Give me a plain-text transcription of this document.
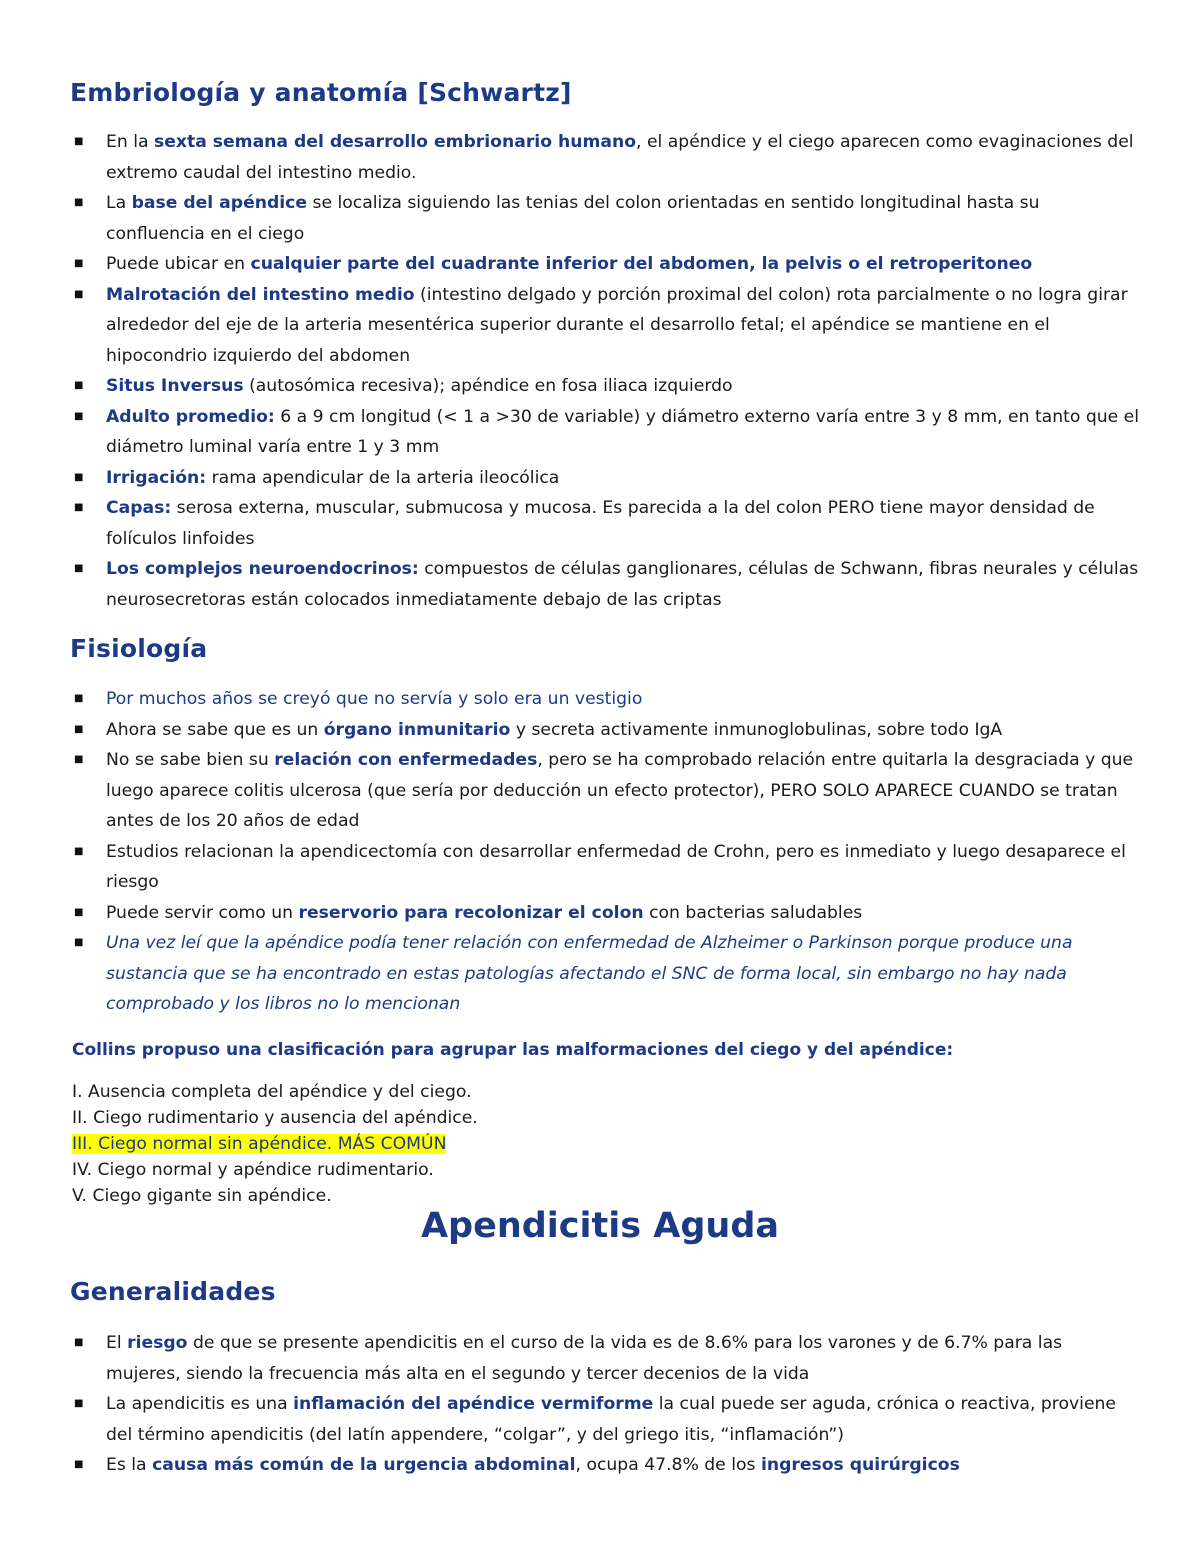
Embriología y anatomía [Schwartz]
■ En la sexta semana del desarrollo embrionario humano, el apéndice y el ciego aparecen como evaginaciones del extremo caudal del intestino medio.
■ La base del apéndice se localiza siguiendo las tenias del colon orientadas en sentido longitudinal hasta su confluencia en el ciego
■ Puede ubicar en cualquier parte del cuadrante inferior del abdomen, la pelvis o el retroperitoneo
■ Malrotación del intestino medio (intestino delgado y porción proximal del colon) rota parcialmente o no logra girar alrededor del eje de la arteria mesentérica superior durante el desarrollo fetal; el apéndice se mantiene en el hipocondrio izquierdo del abdomen
■ Situs Inversus (autosómica recesiva); apéndice en fosa iliaca izquierdo
■ Adulto promedio: 6 a 9 cm longitud (< 1 a >30 de variable) y diámetro externo varía entre 3 y 8 mm, en tanto que el diámetro luminal varía entre 1 y 3 mm
■ Irrigación: rama apendicular de la arteria ileocólica
■ Capas: serosa externa, muscular, submucosa y mucosa. Es parecida a la del colon PERO tiene mayor densidad de folículos linfoides
■ Los complejos neuroendocrinos: compuestos de células ganglionares, células de Schwann, fibras neurales y células neurosecretoras están colocados inmediatamente debajo de las criptas
Fisiología
■ Por muchos años se creyó que no servía y solo era un vestigio
■ Ahora se sabe que es un órgano inmunitario y secreta activamente inmunoglobulinas, sobre todo IgA
■ No se sabe bien su relación con enfermedades, pero se ha comprobado relación entre quitarla la desgraciada y que luego aparece colitis ulcerosa (que sería por deducción un efecto protector), PERO SOLO APARECE CUANDO se tratan antes de los 20 años de edad
■ Estudios relacionan la apendicectomía con desarrollar enfermedad de Crohn, pero es inmediato y luego desaparece el riesgo
■ Puede servir como un reservorio para recolonizar el colon con bacterias saludables
■ Una vez leí que la apéndice podía tener relación con enfermedad de Alzheimer o Parkinson porque produce una sustancia que se ha encontrado en estas patologías afectando el SNC de forma local, sin embargo no hay nada comprobado y los libros no lo mencionan

Collins propuso una clasificación para agrupar las malformaciones del ciego y del apéndice:

I. Ausencia completa del apéndice y del ciego.
II. Ciego rudimentario y ausencia del apéndice.
III. Ciego normal sin apéndice. MÁS COMÚN
IV. Ciego normal y apéndice rudimentario.
V. Ciego gigante sin apéndice.
Apendicitis Aguda
Generalidades
■ El riesgo de que se presente apendicitis en el curso de la vida es de 8.6% para los varones y de 6.7% para las mujeres, siendo la frecuencia más alta en el segundo y tercer decenios de la vida
■ La apendicitis es una inflamación del apéndice vermiforme la cual puede ser aguda, crónica o reactiva, proviene del término apendicitis (del latín appendere, “colgar”, y del griego itis, “inflamación”)
■ Es la causa más común de la urgencia abdominal, ocupa 47.8% de los ingresos quirúrgicos
